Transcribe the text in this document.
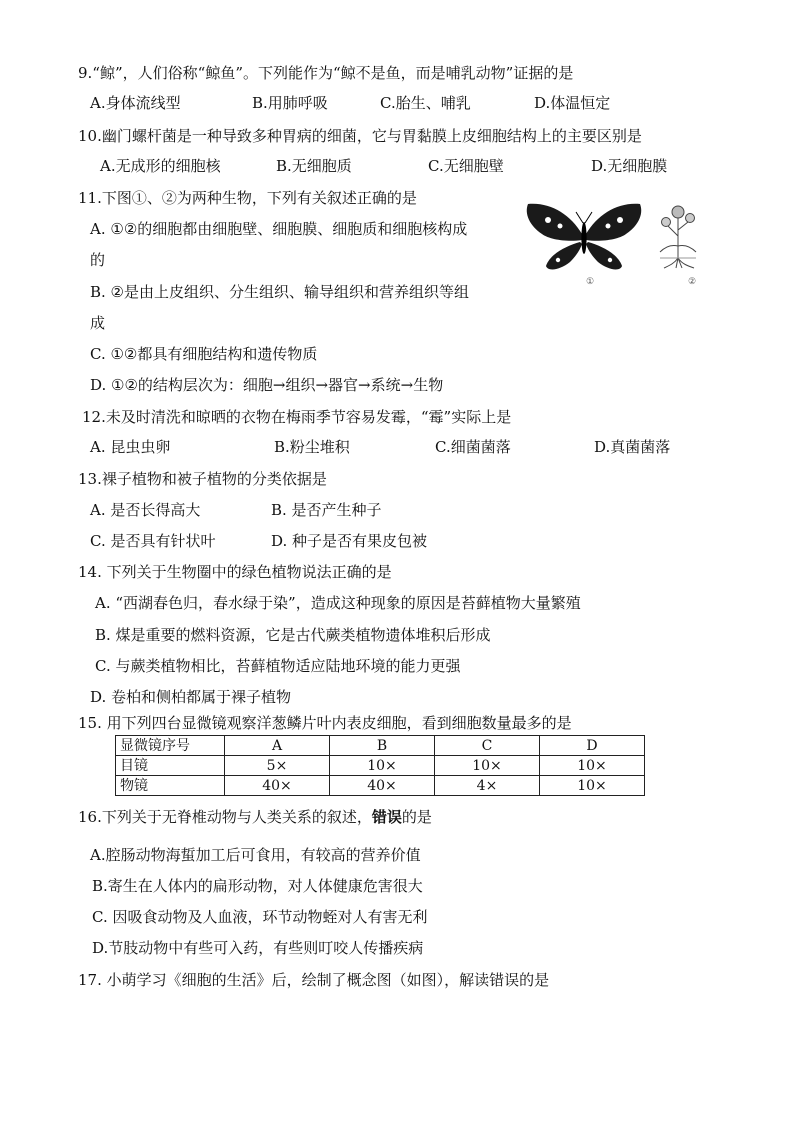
9.“鲸”，人们俗称“鲸鱼”。下列能作为“鲸不是鱼，而是哺乳动物”证据的是
A.身体流线型	B.用肺呼吸	C.胎生、哺乳	D.体温恒定
10.幽门螺杆菌是一种导致多种胃病的细菌，它与胃黏膜上皮细胞结构上的主要区别是
A.无成形的细胞核	B.无细胞质	C.无细胞壁	D.无细胞膜
11.下图①、②为两种生物，下列有关叙述正确的是
A. ①②的细胞都由细胞壁、细胞膜、细胞质和细胞核构成
的
B. ②是由上皮组织、分生组织、输导组织和营养组织等组
成
C. ①②都具有细胞结构和遗传物质
D. ①②的结构层次为：细胞→组织→器官→系统→生物
①	②
12.未及时清洗和晾晒的衣物在梅雨季节容易发霉，“霉”实际上是
A. 昆虫虫卵	B.粉尘堆积	C.细菌菌落	D.真菌菌落
13.裸子植物和被子植物的分类依据是
A. 是否长得高大	B. 是否产生种子
C. 是否具有针状叶	D. 种子是否有果皮包被
14. 下列关于生物圈中的绿色植物说法正确的是
A. “西湖春色归，春水绿于染”，造成这种现象的原因是苔藓植物大量繁殖
B. 煤是重要的燃料资源，它是古代蕨类植物遗体堆积后形成
C. 与蕨类植物相比，苔藓植物适应陆地环境的能力更强
D. 卷柏和侧柏都属于裸子植物
15. 用下列四台显微镜观察洋葱鳞片叶内表皮细胞，看到细胞数量最多的是
显微镜序号	A	B	C	D
目镜	5×	10×	10×	10×
物镜	40×	40×	4×	10×
16.下列关于无脊椎动物与人类关系的叙述，错误的是
A.腔肠动物海蜇加工后可食用，有较高的营养价值
B.寄生在人体内的扁形动物，对人体健康危害很大
C. 因吸食动物及人血液，环节动物蛭对人有害无利
D.节肢动物中有些可入药，有些则叮咬人传播疾病
17. 小萌学习《细胞的生活》后，绘制了概念图（如图），解读错误的是
